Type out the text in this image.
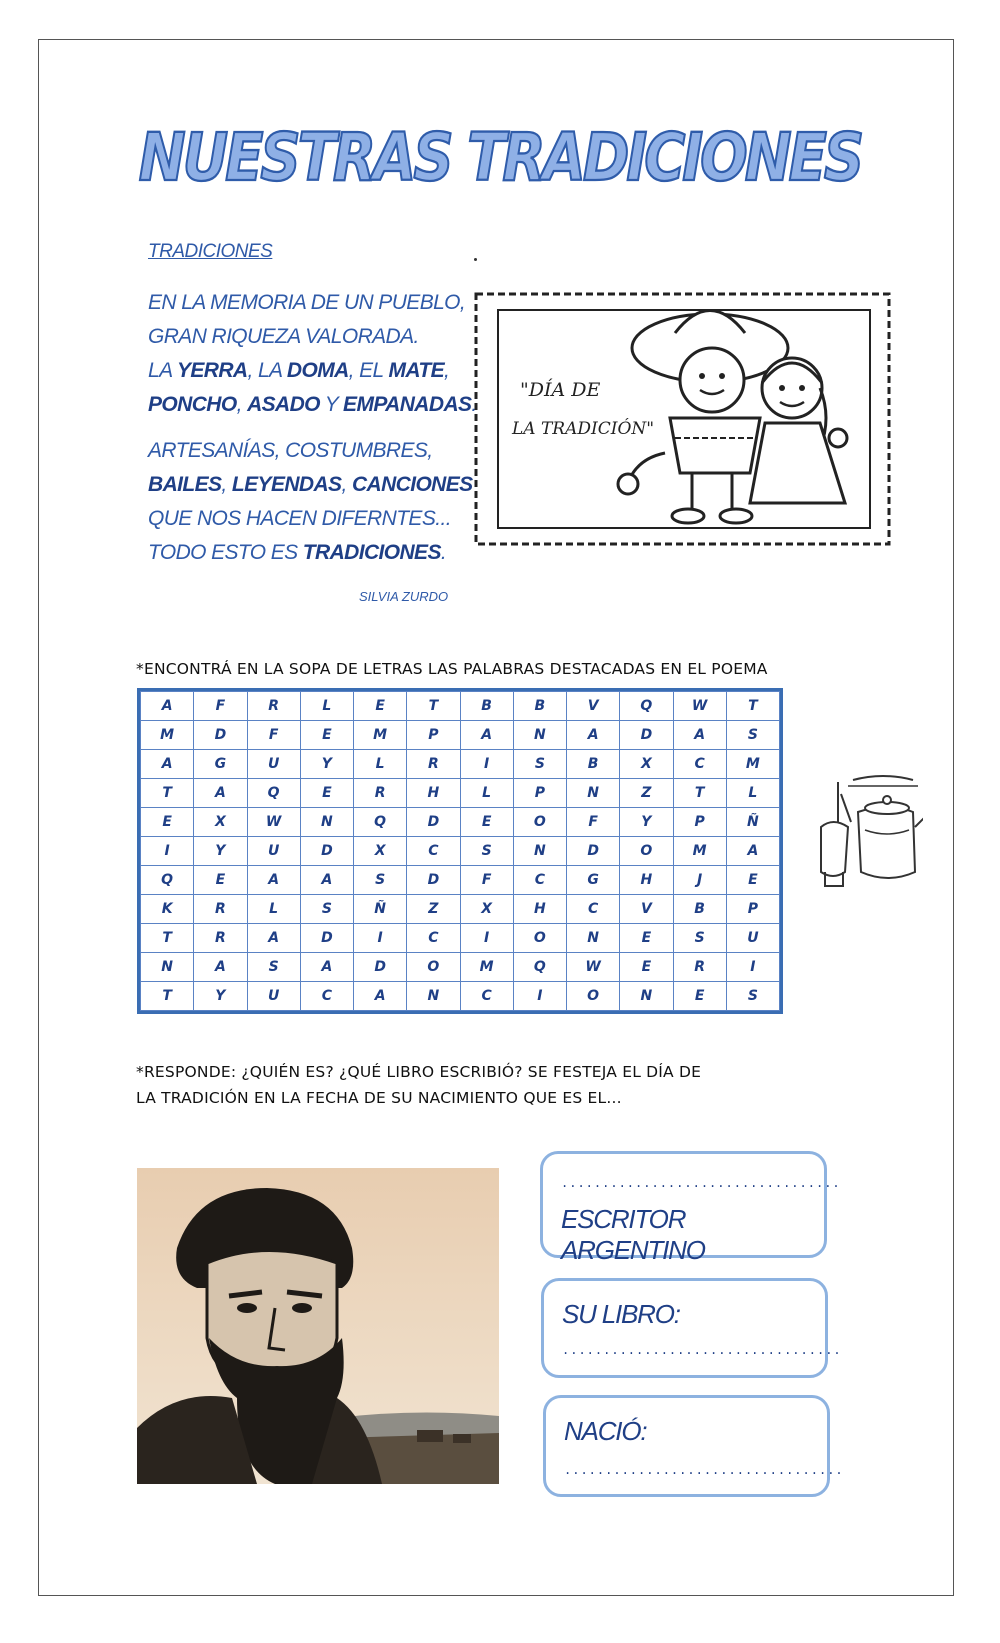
NUESTRAS TRADICIONES
TRADICIONES
EN LA MEMORIA DE UN PUEBLO,
GRAN RIQUEZA VALORADA.
LA YERRA, LA DOMA, EL MATE,
PONCHO, ASADO Y EMPANADAS.
ARTESANÍAS, COSTUMBRES,
BAILES, LEYENDAS, CANCIONES
QUE NOS HACEN DIFERNTES...
TODO ESTO ES TRADICIONES.
SILVIA ZURDO
"DÍA DE
LA TRADICIÓN"
*ENCONTRÁ EN LA SOPA DE LETRAS LAS PALABRAS DESTACADAS EN EL POEMA
A	F	R	L	E	T	B	B	V	Q	W	T
M	D	F	E	M	P	A	N	A	D	A	S
A	G	U	Y	L	R	I	S	B	X	C	M
T	A	Q	E	R	H	L	P	N	Z	T	L
E	X	W	N	Q	D	E	O	F	Y	P	Ñ
I	Y	U	D	X	C	S	N	D	O	M	A
Q	E	A	A	S	D	F	C	G	H	J	E
K	R	L	S	Ñ	Z	X	H	C	V	B	P
T	R	A	D	I	C	I	O	N	E	S	U
N	A	S	A	D	O	M	Q	W	E	R	I
T	Y	U	C	A	N	C	I	O	N	E	S
*RESPONDE: ¿QUIÉN ES? ¿QUÉ LIBRO ESCRIBIÓ? SE FESTEJA EL DÍA DE
LA TRADICIÓN EN LA FECHA DE SU NACIMIENTO QUE ES EL...
..................................
ESCRITOR ARGENTINO
SU LIBRO:
..................................
NACIÓ:
..................................
